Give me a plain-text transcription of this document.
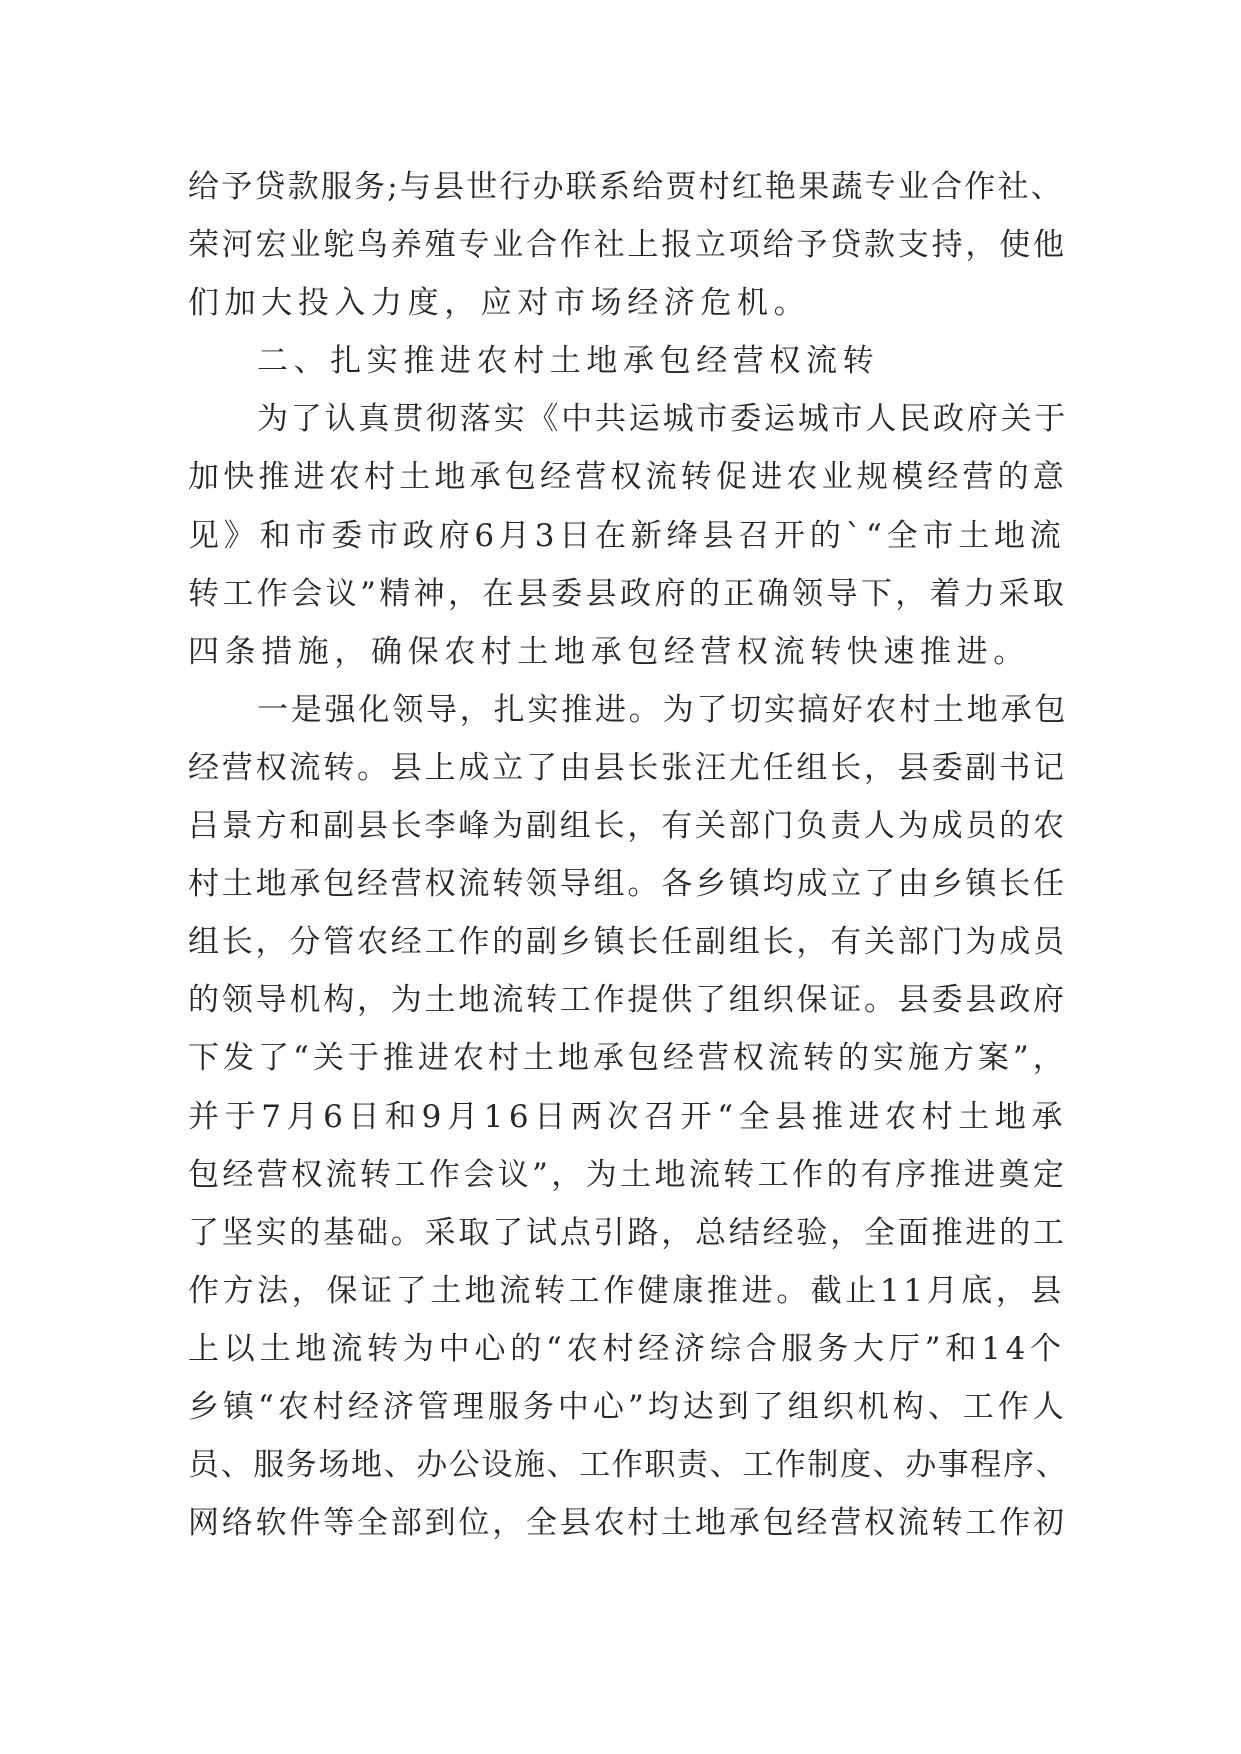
给予贷款服务;与县世行办联系给贾村红艳果蔬专业合作社、
荣河宏业鸵鸟养殖专业合作社上报立项给予贷款支持，使他
们加大投入力度，应对市场经济危机。
二、扎实推进农村土地承包经营权流转
为了认真贯彻落实《中共运城市委运城市人民政府关于
加快推进农村土地承包经营权流转促进农业规模经营的意
见》和市委市政府6月3日在新绛县召开的`“全市土地流
转工作会议”精神，在县委县政府的正确领导下，着力采取
四条措施，确保农村土地承包经营权流转快速推进。
一是强化领导，扎实推进。为了切实搞好农村土地承包
经营权流转。县上成立了由县长张汪尤任组长，县委副书记
吕景方和副县长李峰为副组长，有关部门负责人为成员的农
村土地承包经营权流转领导组。各乡镇均成立了由乡镇长任
组长，分管农经工作的副乡镇长任副组长，有关部门为成员
的领导机构，为土地流转工作提供了组织保证。县委县政府
下发了“关于推进农村土地承包经营权流转的实施方案”，
并于7月6日和9月16日两次召开“全县推进农村土地承
包经营权流转工作会议”，为土地流转工作的有序推进奠定
了坚实的基础。采取了试点引路，总结经验，全面推进的工
作方法，保证了土地流转工作健康推进。截止11月底，县
上以土地流转为中心的“农村经济综合服务大厅”和14个
乡镇“农村经济管理服务中心”均达到了组织机构、工作人
员、服务场地、办公设施、工作职责、工作制度、办事程序、
网络软件等全部到位，全县农村土地承包经营权流转工作初
